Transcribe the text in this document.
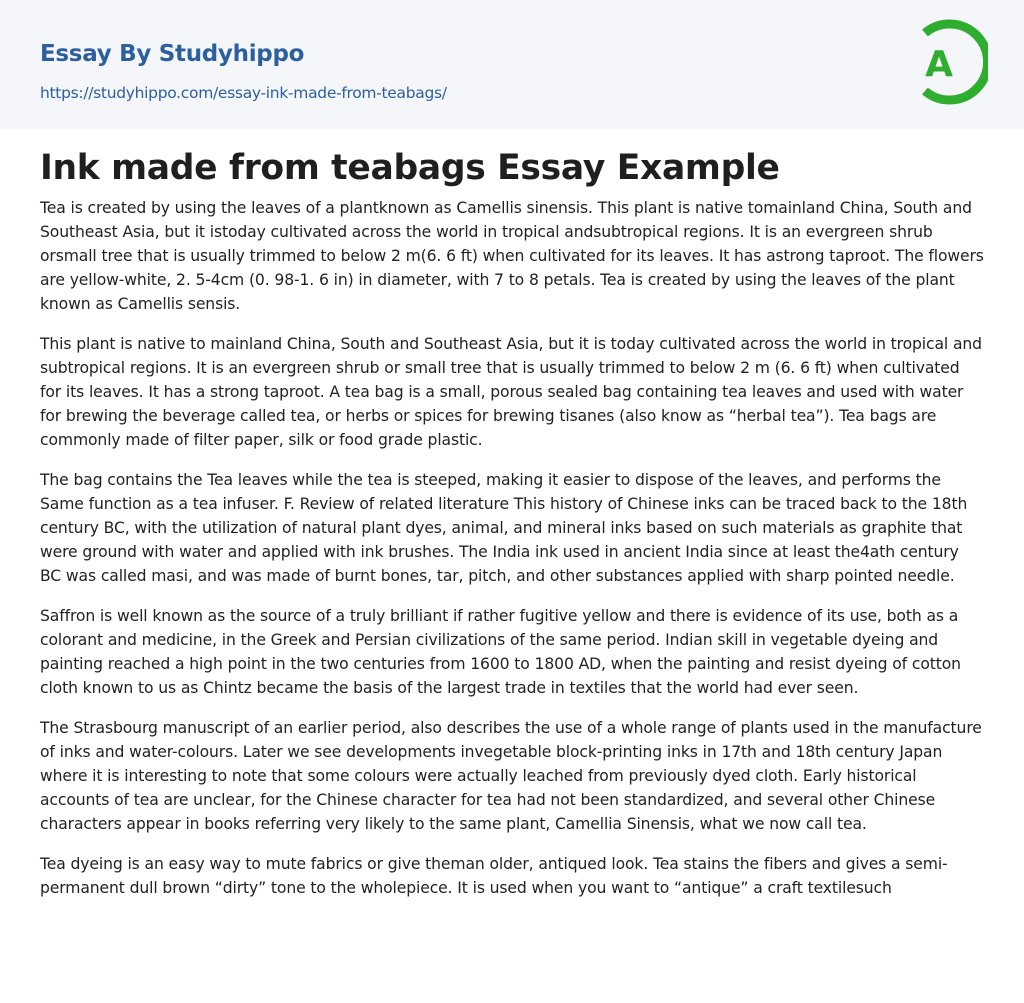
Essay By Studyhippo
https://studyhippo.com/essay-ink-made-from-teabags/
A
Ink made from teabags Essay Example

Tea is created by using the leaves of a plantknown as Camellis sinensis. This plant is native tomainland China, South and Southeast Asia, but it istoday cultivated across the world in tropical andsubtropical regions. It is an evergreen shrub orsmall tree that is usually trimmed to below 2 m(6. 6 ft) when cultivated for its leaves. It has astrong taproot. The flowers are yellow-white, 2. 5-4cm (0. 98-1. 6 in) in diameter, with 7 to 8 petals. Tea is created by using the leaves of the plant known as Camellis sensis.

This plant is native to mainland China, South and Southeast Asia, but it is today cultivated across the world in tropical and subtropical regions. It is an evergreen shrub or small tree that is usually trimmed to below 2 m (6. 6 ft) when cultivated for its leaves. It has a strong taproot. A tea bag is a small, porous sealed bag containing tea leaves and used with water for brewing the beverage called tea, or herbs or spices for brewing tisanes (also know as “herbal tea”). Tea bags are commonly made of filter paper, silk or food grade plastic.

The bag contains the Tea leaves while the tea is steeped, making it easier to dispose of the leaves, and performs the Same function as a tea infuser. F. Review of related literature This history of Chinese inks can be traced back to the 18th century BC, with the utilization of natural plant dyes, animal, and mineral inks based on such materials as graphite that were ground with water and applied with ink brushes. The India ink used in ancient India since at least the4ath century BC was called masi, and was made of burnt bones, tar, pitch, and other substances applied with sharp pointed needle.

Saffron is well known as the source of a truly brilliant if rather fugitive yellow and there is evidence of its use, both as a colorant and medicine, in the Greek and Persian civilizations of the same period. Indian skill in vegetable dyeing and painting reached a high point in the two centuries from 1600 to 1800 AD, when the painting and resist dyeing of cotton cloth known to us as Chintz became the basis of the largest trade in textiles that the world had ever seen.

The Strasbourg manuscript of an earlier period, also describes the use of a whole range of plants used in the manufacture of inks and water-colours. Later we see developments invegetable block-printing inks in 17th and 18th century Japan where it is interesting to note that some colours were actually leached from previously dyed cloth. Early historical accounts of tea are unclear, for the Chinese character for tea had not been standardized, and several other Chinese characters appear in books referring very likely to the same plant, Camellia Sinensis, what we now call tea.

Tea dyeing is an easy way to mute fabrics or give theman older, antiqued look. Tea stains the fibers and gives a semi-permanent dull brown “dirty” tone to the wholepiece. It is used when you want to “antique” a craft textilesuch
